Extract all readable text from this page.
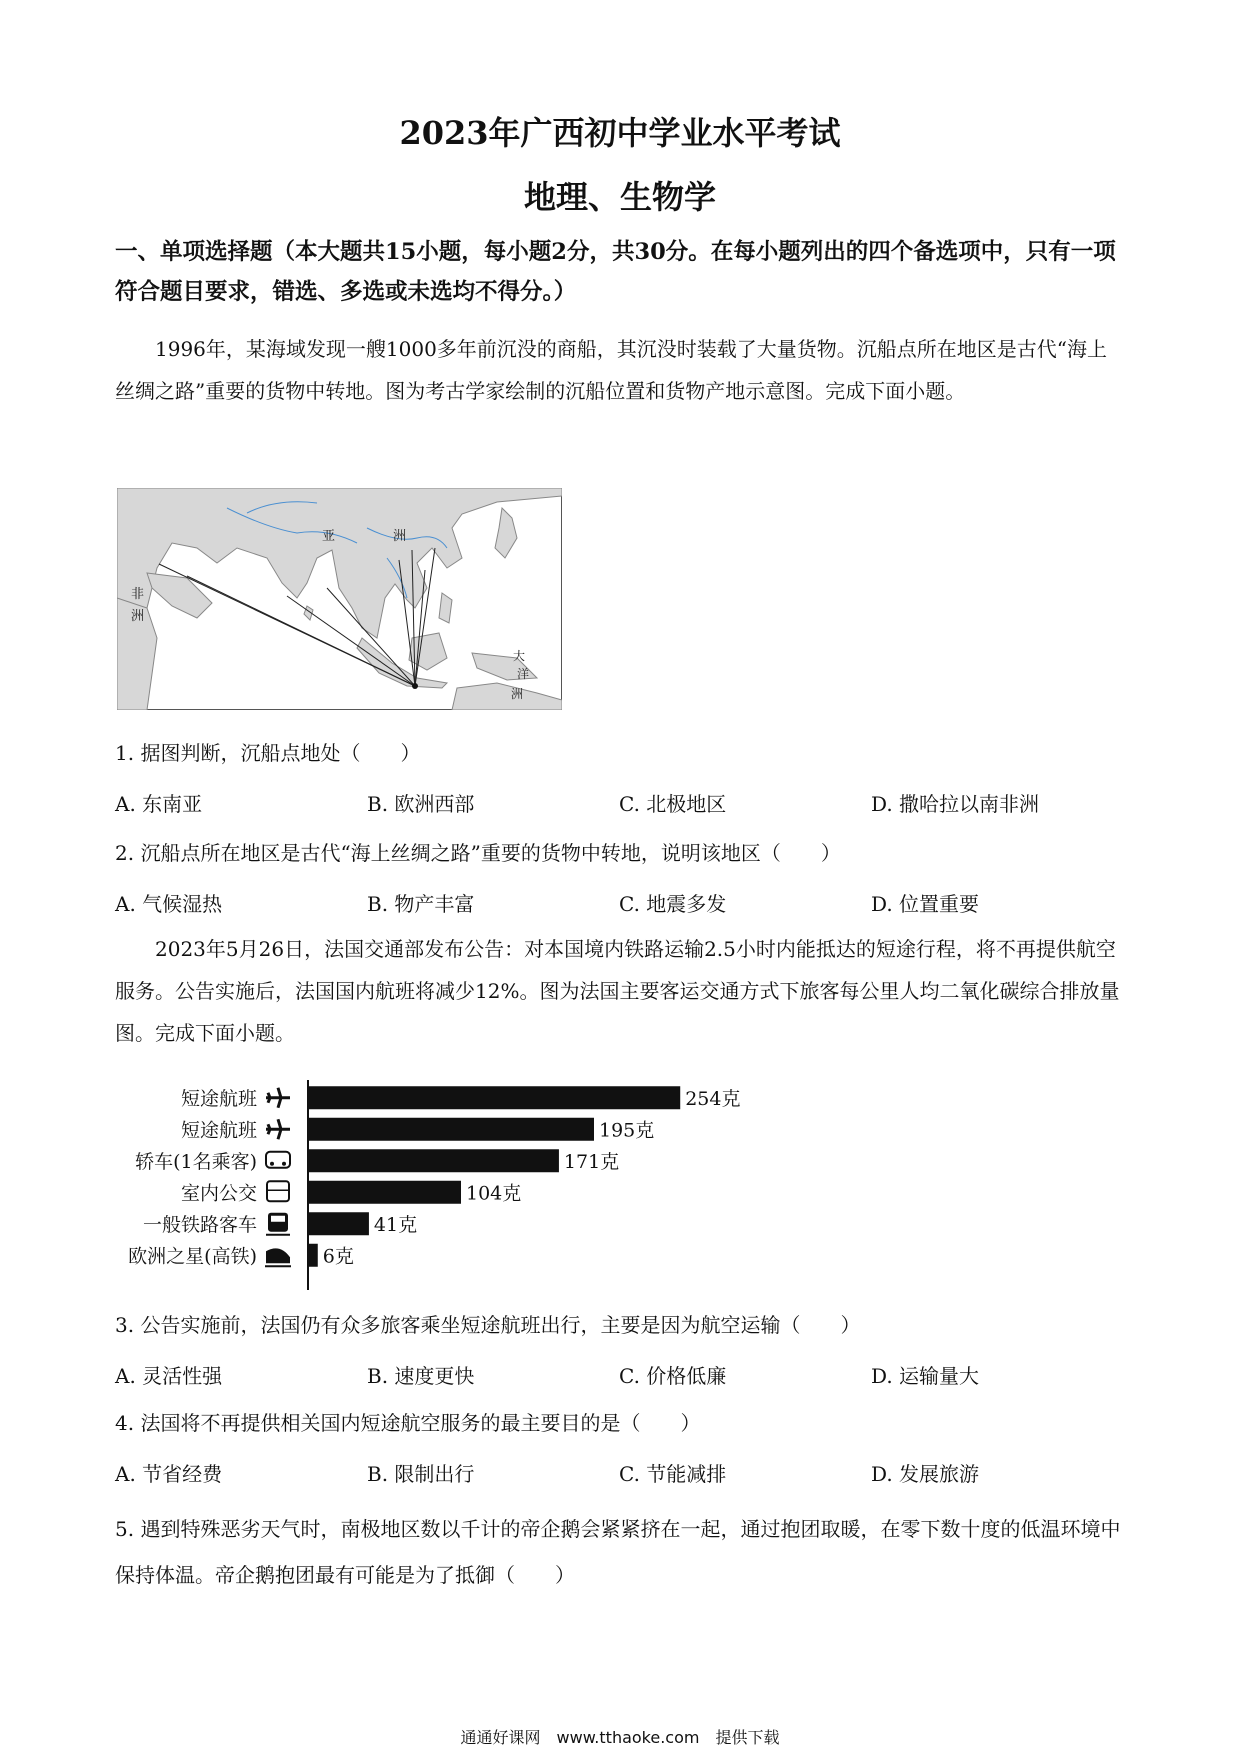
2023年广西初中学业水平考试
地理、生物学
一、单项选择题（本大题共15小题，每小题2分，共30分。在每小题列出的四个备选项中，只有一项符合题目要求，错选、多选或未选均不得分。）
1996年，某海域发现一艘1000多年前沉没的商船，其沉没时装载了大量货物。沉船点所在地区是古代“海上丝绸之路”重要的货物中转地。图为考古学家绘制的沉船位置和货物产地示意图。完成下面小题。
亚	洲
非
洲
大
洋
洲
1. 据图判断，沉船点地处（　　）
A. 东南亚	B. 欧洲西部	C. 北极地区	D. 撒哈拉以南非洲
2. 沉船点所在地区是古代“海上丝绸之路”重要的货物中转地，说明该地区（　　）
A. 气候湿热	B. 物产丰富	C. 地震多发	D. 位置重要
2023年5月26日，法国交通部发布公告：对本国境内铁路运输2.5小时内能抵达的短途行程，将不再提供航空服务。公告实施后，法国国内航班将减少12%。图为法国主要客运交通方式下旅客每公里人均二氧化碳综合排放量图。完成下面小题。
短途航班	254克
短途航班	195克
轿车(1名乘客)	171克
室内公交	104克
一般铁路客车	41克
欧洲之星(高铁)	6克
3. 公告实施前，法国仍有众多旅客乘坐短途航班出行，主要是因为航空运输（　　）
A. 灵活性强	B. 速度更快	C. 价格低廉	D. 运输量大
4. 法国将不再提供相关国内短途航空服务的最主要目的是（　　）
A. 节省经费	B. 限制出行	C. 节能减排	D. 发展旅游
5. 遇到特殊恶劣天气时，南极地区数以千计的帝企鹅会紧紧挤在一起，通过抱团取暖，在零下数十度的低温环境中保持体温。帝企鹅抱团最有可能是为了抵御（　　）
通通好课网　www.tthaoke.com　提供下载
